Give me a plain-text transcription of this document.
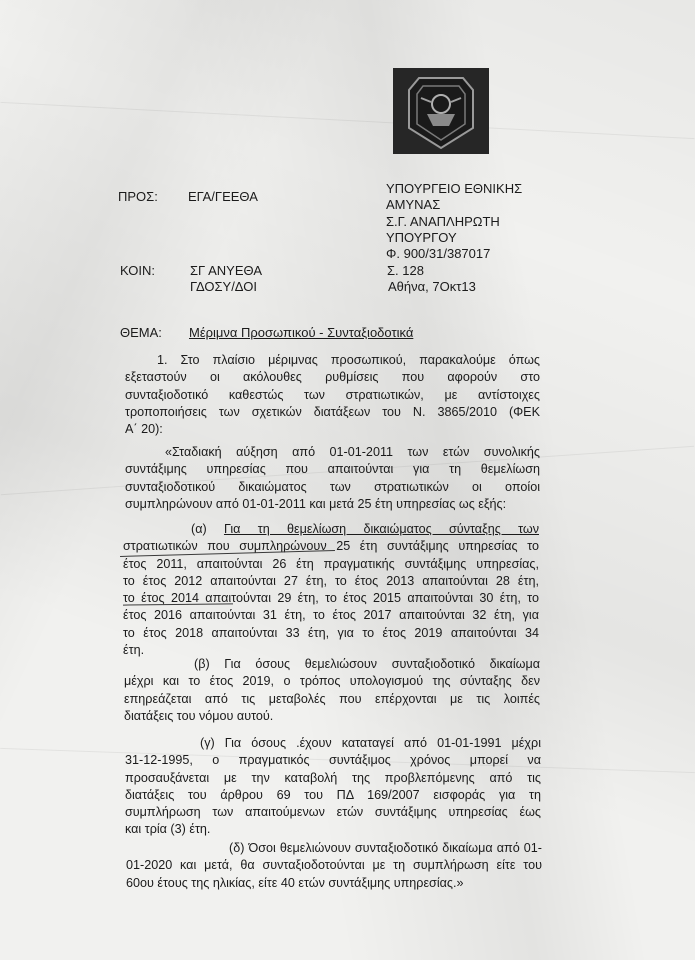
ΠΡΟΣ: ΕΓΑ/ΓΕΕΘΑ
ΚΟΙΝ:	ΣΓ ΑΝΥΕΘΑ
ΓΔΟΣΥ/ΔΟΙ
ΥΠΟΥΡΓΕΙΟ ΕΘΝΙΚΗΣ
ΑΜΥΝΑΣ
Σ.Γ. ΑΝΑΠΛΗΡΩΤΗ
ΥΠΟΥΡΓΟΥ
Φ. 900/31/387017
Σ. 128
Αθήνα, 7Οκτ13
ΘΕΜΑ: Μέριμνα Προσωπικού - Συνταξιοδοτικά
1. Στο πλαίσιο μέριμνας προσωπικού, παρακαλούμε όπως
εξεταστούν οι ακόλουθες ρυθμίσεις που αφορούν στο
συνταξιοδοτικό καθεστώς των στρατιωτικών, με αντίστοιχες
τροποποιήσεις των σχετικών διατάξεων του Ν. 3865/2010 (ΦΕΚ
Α΄ 20):
«Σταδιακή αύξηση από 01-01-2011 των ετών συνολικής
συντάξιμης υπηρεσίας που απαιτούνται για τη θεμελίωση
συνταξιοδοτικού δικαιώματος των στρατιωτικών οι οποίοι
συμπληρώνουν από 01-01-2011 και μετά 25 έτη υπηρεσίας ως εξής:
(α) Για τη θεμελίωση δικαιώματος σύνταξης των
στρατιωτικών που συμπληρώνουν 25 έτη συντάξιμης υπηρεσίας το
έτος 2011, απαιτούνται 26 έτη πραγματικής συντάξιμης υπηρεσίας,
το έτος 2012 απαιτούνται 27 έτη, το έτος 2013 απαιτούνται 28 έτη,
το έτος 2014 απαιτούνται 29 έτη, το έτος 2015 απαιτούνται 30 έτη, το
έτος 2016 απαιτούνται 31 έτη, το έτος 2017 απαιτούνται 32 έτη, για
το έτος 2018 απαιτούνται 33 έτη, για το έτος 2019 απαιτούνται 34
έτη.
(β) Για όσους θεμελιώσουν συνταξιοδοτικό δικαίωμα
μέχρι και το έτος 2019, ο τρόπος υπολογισμού της σύνταξης δεν
επηρεάζεται από τις μεταβολές που επέρχονται με τις λοιπές
διατάξεις του νόμου αυτού.
(γ) Για όσους .έχουν καταταγεί από 01-01-1991 μέχρι
31-12-1995, ο πραγματικός συντάξιμος χρόνος μπορεί να
προσαυξάνεται με την καταβολή της προβλεπόμενης από τις
διατάξεις του άρθρου 69 του ΠΔ 169/2007 εισφοράς για τη
συμπλήρωση των απαιτούμενων ετών συντάξιμης υπηρεσίας έως
και τρία (3) έτη.
(δ) Όσοι θεμελιώνουν συνταξιοδοτικό δικαίωμα από 01-
01-2020 και μετά, θα συνταξιοδοτούνται με τη συμπλήρωση είτε του
60ου έτους της ηλικίας, είτε 40 ετών συντάξιμης υπηρεσίας.»
